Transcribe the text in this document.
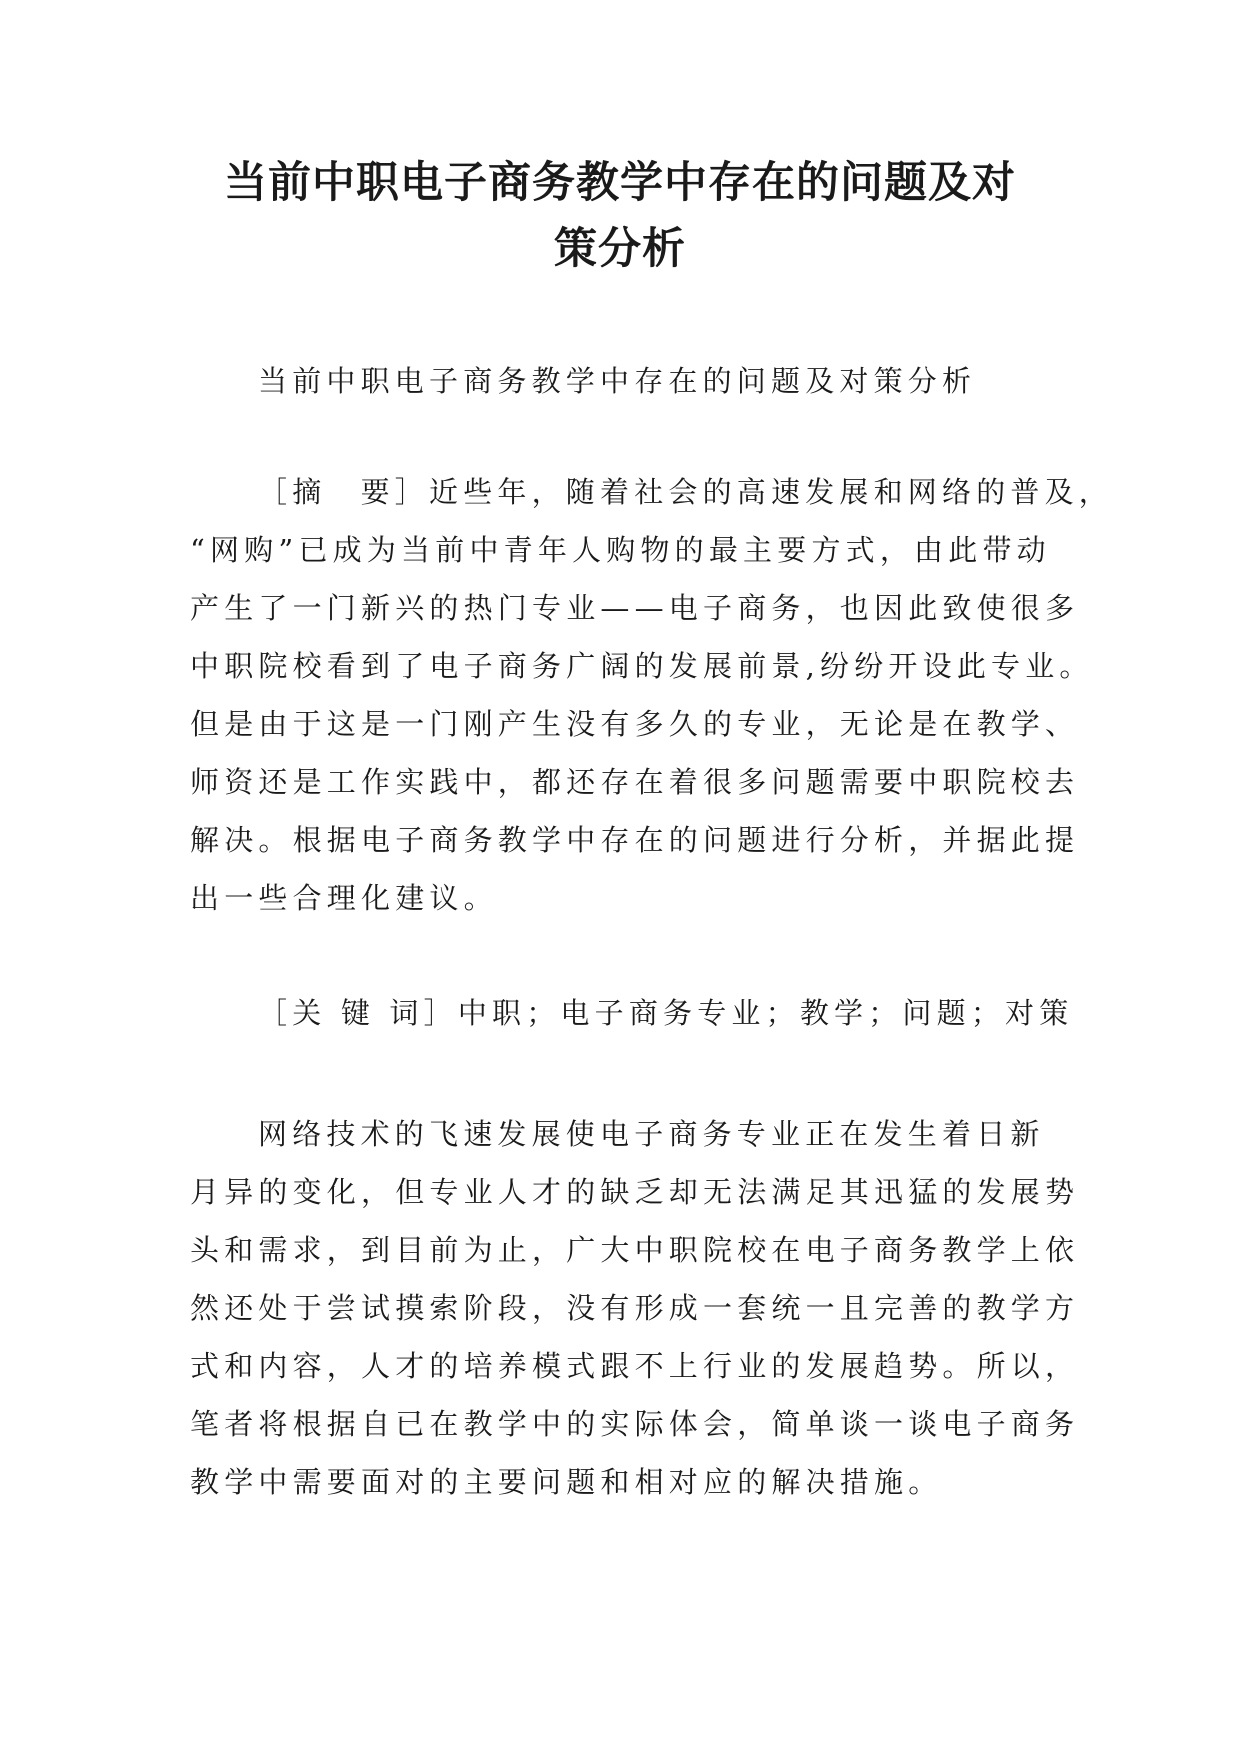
当前中职电子商务教学中存在的问题及对
策分析

当前中职电子商务教学中存在的问题及对策分析

［摘　要］近些年，随着社会的高速发展和网络的普及，
“网购”已成为当前中青年人购物的最主要方式，由此带动
产生了一门新兴的热门专业——电子商务，也因此致使很多
中职院校看到了电子商务广阔的发展前景,纷纷开设此专业。
但是由于这是一门刚产生没有多久的专业，无论是在教学、
师资还是工作实践中，都还存在着很多问题需要中职院校去
解决。根据电子商务教学中存在的问题进行分析，并据此提
出一些合理化建议。

［关 键 词］中职；电子商务专业；教学；问题；对策

网络技术的飞速发展使电子商务专业正在发生着日新
月异的变化，但专业人才的缺乏却无法满足其迅猛的发展势
头和需求，到目前为止，广大中职院校在电子商务教学上依
然还处于尝试摸索阶段，没有形成一套统一且完善的教学方
式和内容，人才的培养模式跟不上行业的发展趋势。所以，
笔者将根据自已在教学中的实际体会，简单谈一谈电子商务
教学中需要面对的主要问题和相对应的解决措施。
